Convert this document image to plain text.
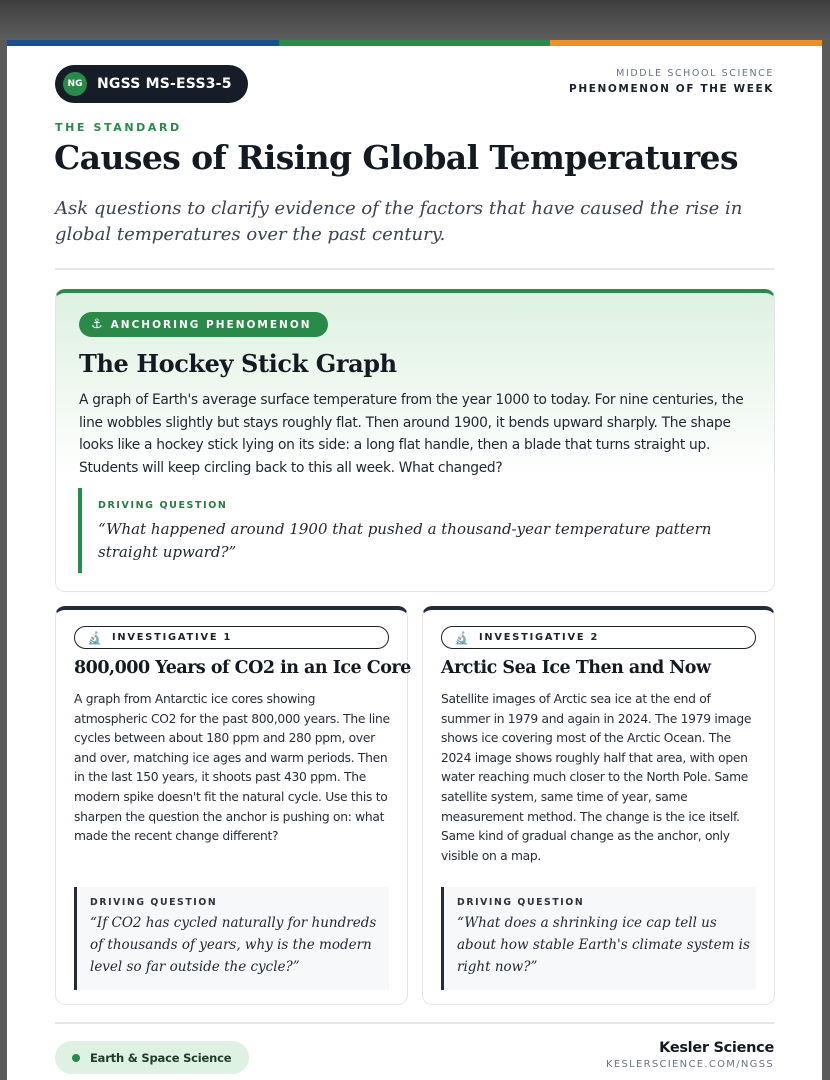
NG	NGSS MS-ESS3-5
MIDDLE SCHOOL SCIENCE
PHENOMENON OF THE WEEK
THE STANDARD
Causes of Rising Global Temperatures
Ask questions to clarify evidence of the factors that have caused the rise in global temperatures over the past century.
⚓ ANCHORING PHENOMENON
The Hockey Stick Graph
A graph of Earth's average surface temperature from the year 1000 to today. For nine centuries, the line wobbles slightly but stays roughly flat. Then around 1900, it bends upward sharply. The shape looks like a hockey stick lying on its side: a long flat handle, then a blade that turns straight up. Students will keep circling back to this all week. What changed?
DRIVING QUESTION
“What happened around 1900 that pushed a thousand-year temperature pattern straight upward?”
🔬 INVESTIGATIVE 1
800,000 Years of CO2 in an Ice Core
A graph from Antarctic ice cores showing atmospheric CO2 for the past 800,000 years. The line cycles between about 180 ppm and 280 ppm, over and over, matching ice ages and warm periods. Then in the last 150 years, it shoots past 430 ppm. The modern spike doesn't fit the natural cycle. Use this to sharpen the question the anchor is pushing on: what made the recent change different?
DRIVING QUESTION
“If CO2 has cycled naturally for hundreds of thousands of years, why is the modern level so far outside the cycle?”
🔬 INVESTIGATIVE 2
Arctic Sea Ice Then and Now
Satellite images of Arctic sea ice at the end of summer in 1979 and again in 2024. The 1979 image shows ice covering most of the Arctic Ocean. The 2024 image shows roughly half that area, with open water reaching much closer to the North Pole. Same satellite system, same time of year, same measurement method. The change is the ice itself. Same kind of gradual change as the anchor, only visible on a map.
DRIVING QUESTION
“What does a shrinking ice cap tell us about how stable Earth's climate system is right now?”
Earth & Space Science
Kesler Science
KESLERSCIENCE.COM/NGSS
